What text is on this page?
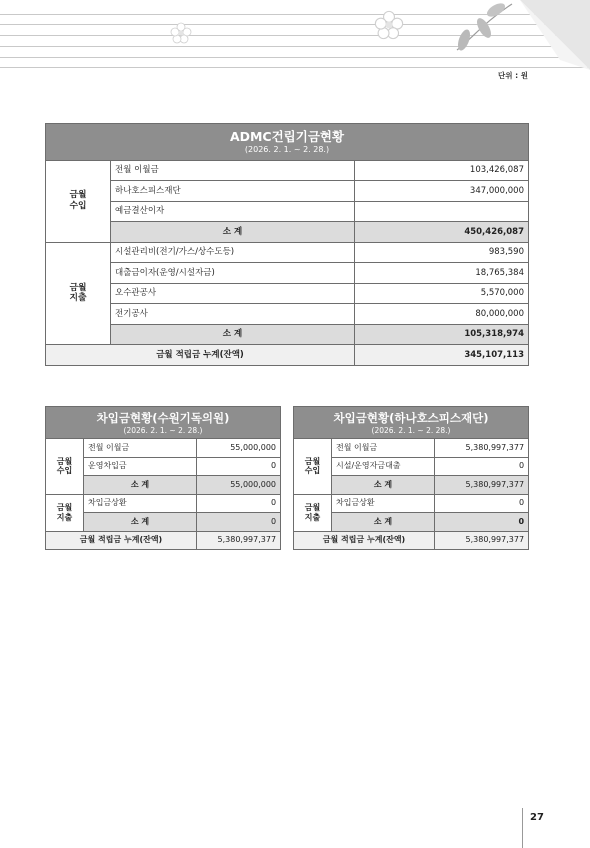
단위 : 원
ADMC건립기금현황
(2026. 2. 1. ~ 2. 28.)		

금월
수입	전월 이월금	103,426,087
	하나호스피스재단	347,000,000
	예금결산이자	
	소 계	450,426,087
금월
지출	시설관리비(전기/가스/상수도등)	983,590
	대출금이자(운영/시설자금)	18,765,384
	오수관공사	5,570,000
	전기공사	80,000,000
	소 계	105,318,974
금월 적립금 누계(잔액)		345,107,113
차입금현황(수원기독의원)
(2026. 2. 1. ~ 2. 28.)		

금월
수입	전월 이월금	55,000,000
	운영차입금	0
	소 계	55,000,000
금월
지출	차입금상환	0
	소 계	0
금월 적립금 누계(잔액)		5,380,997,377
차입금현황(하나호스피스재단)
(2026. 2. 1. ~ 2. 28.)		

금월
수입	전월 이월금	5,380,997,377
	시설/운영자금대출	0
	소 계	5,380,997,377
금월
지출	차입금상환	0
	소 계	0
금월 적립금 누계(잔액)		5,380,997,377
27
